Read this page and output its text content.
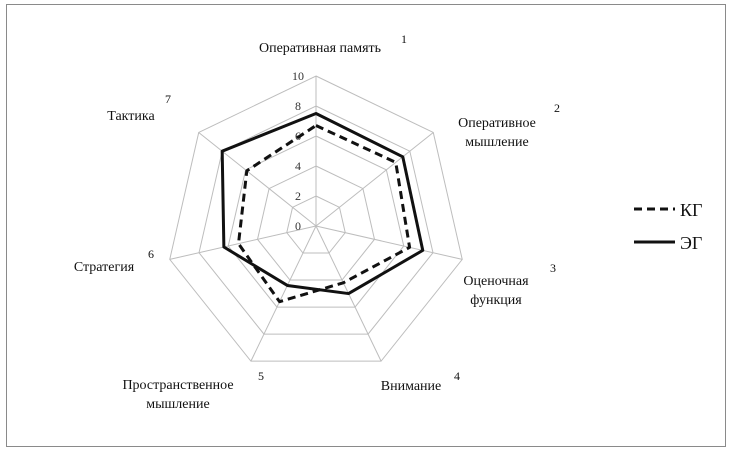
0
2
4
6
8
10
Оперативная память
1
Оперативное
мышление
2
Оценочная
функция
3
Внимание
4
Пространственное
мышление
5
Стратегия
6
Тактика
7
КГ
ЭГ
